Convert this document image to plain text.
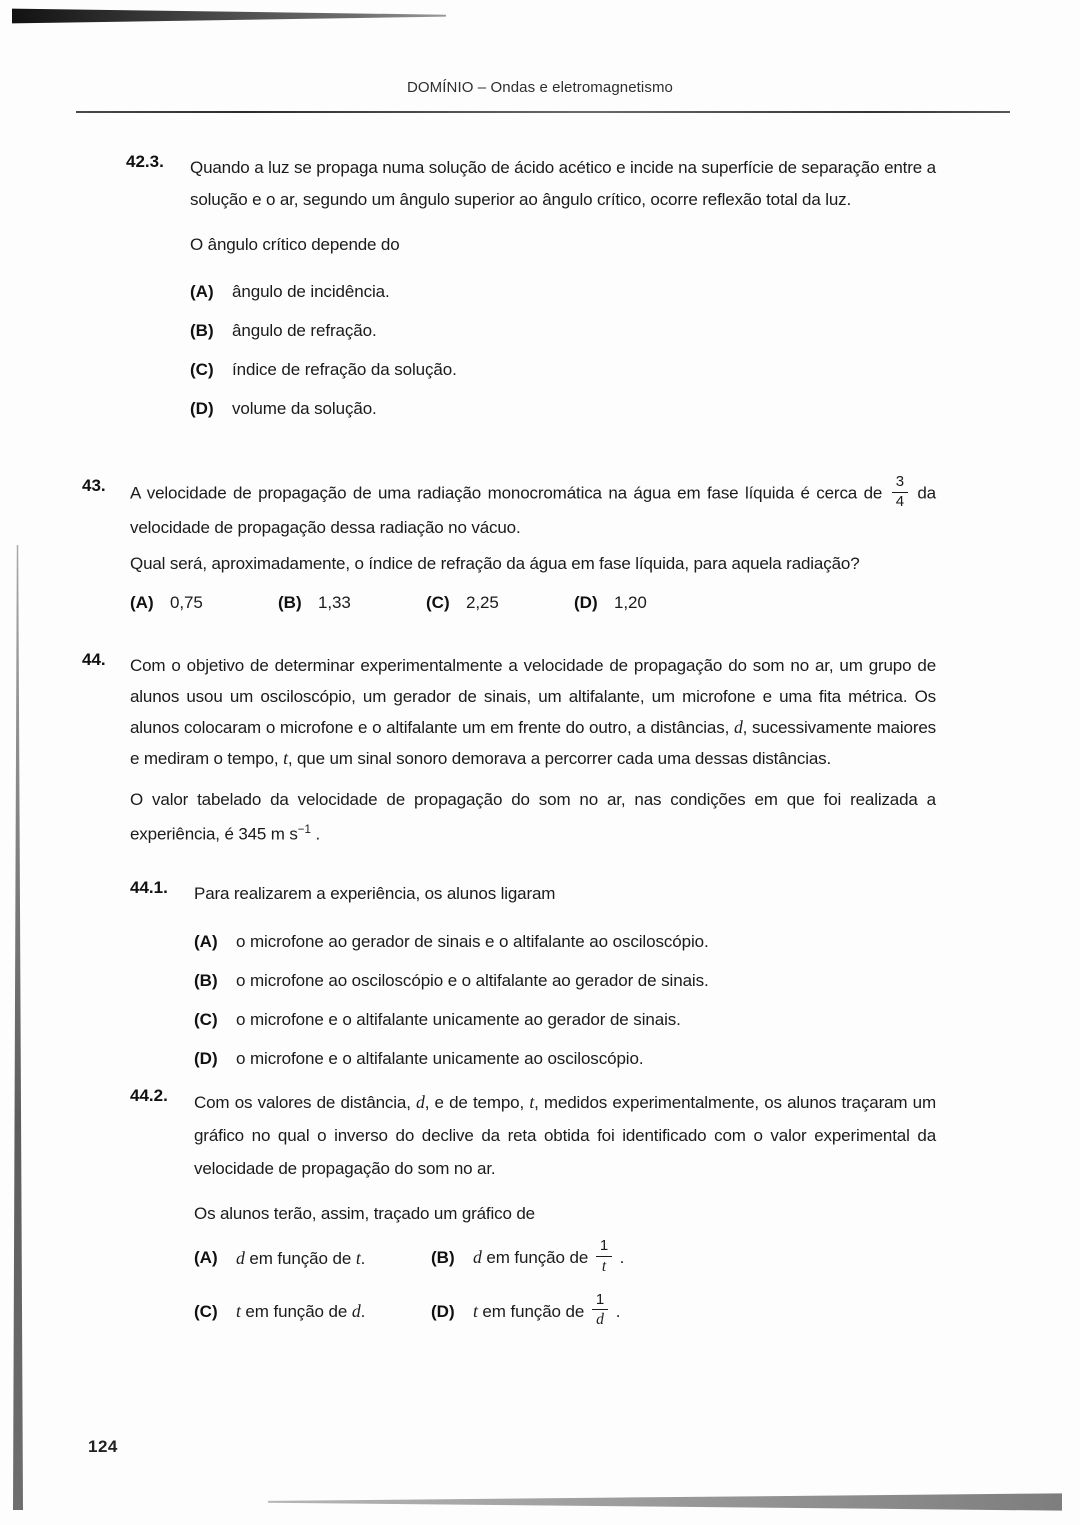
DOMÍNIO – Ondas e eletromagnetismo
42.3.	Quando a luz se propaga numa solução de ácido acético e incide na superfície de separação entre a solução e o ar, segundo um ângulo superior ao ângulo crítico, ocorre reflexão total da luz.

O ângulo crítico depende do

(A)	ângulo de incidência.
(B)	ângulo de refração.
(C)	índice de refração da solução.
(D)	volume da solução.
43.	A velocidade de propagação de uma radiação monocromática na água em fase líquida é cerca de $\frac{3}{4}$ da velocidade de propagação dessa radiação no vácuo.

Qual será, aproximadamente, o índice de refração da água em fase líquida, para aquela radiação?

(A) 0,75	(B) 1,33	(C) 2,25	(D) 1,20
44.	Com o objetivo de determinar experimentalmente a velocidade de propagação do som no ar, um grupo de alunos usou um osciloscópio, um gerador de sinais, um altifalante, um microfone e uma fita métrica. Os alunos colocaram o microfone e o altifalante um em frente do outro, a distâncias, d, sucessivamente maiores e mediram o tempo, t, que um sinal sonoro demorava a percorrer cada uma dessas distâncias.

O valor tabelado da velocidade de propagação do som no ar, nas condições em que foi realizada a experiência, é 345 m $s^{-1}$ .

44.1.	Para realizarem a experiência, os alunos ligaram

(A)	o microfone ao gerador de sinais e o altifalante ao osciloscópio.
(B)	o microfone ao osciloscópio e o altifalante ao gerador de sinais.
(C)	o microfone e o altifalante unicamente ao gerador de sinais.
(D)	o microfone e o altifalante unicamente ao osciloscópio.
44.2.	Com os valores de distância, d, e de tempo, t, medidos experimentalmente, os alunos traçaram um gráfico no qual o inverso do declive da reta obtida foi identificado com o valor experimental da velocidade de propagação do som no ar.

Os alunos terão, assim, traçado um gráfico de

(A)	d em função de t.	(B)	d em função de $\frac{1}{t}$ .
(C)	t em função de d.	(D)	t em função de $\frac{1}{d}$ .
124
